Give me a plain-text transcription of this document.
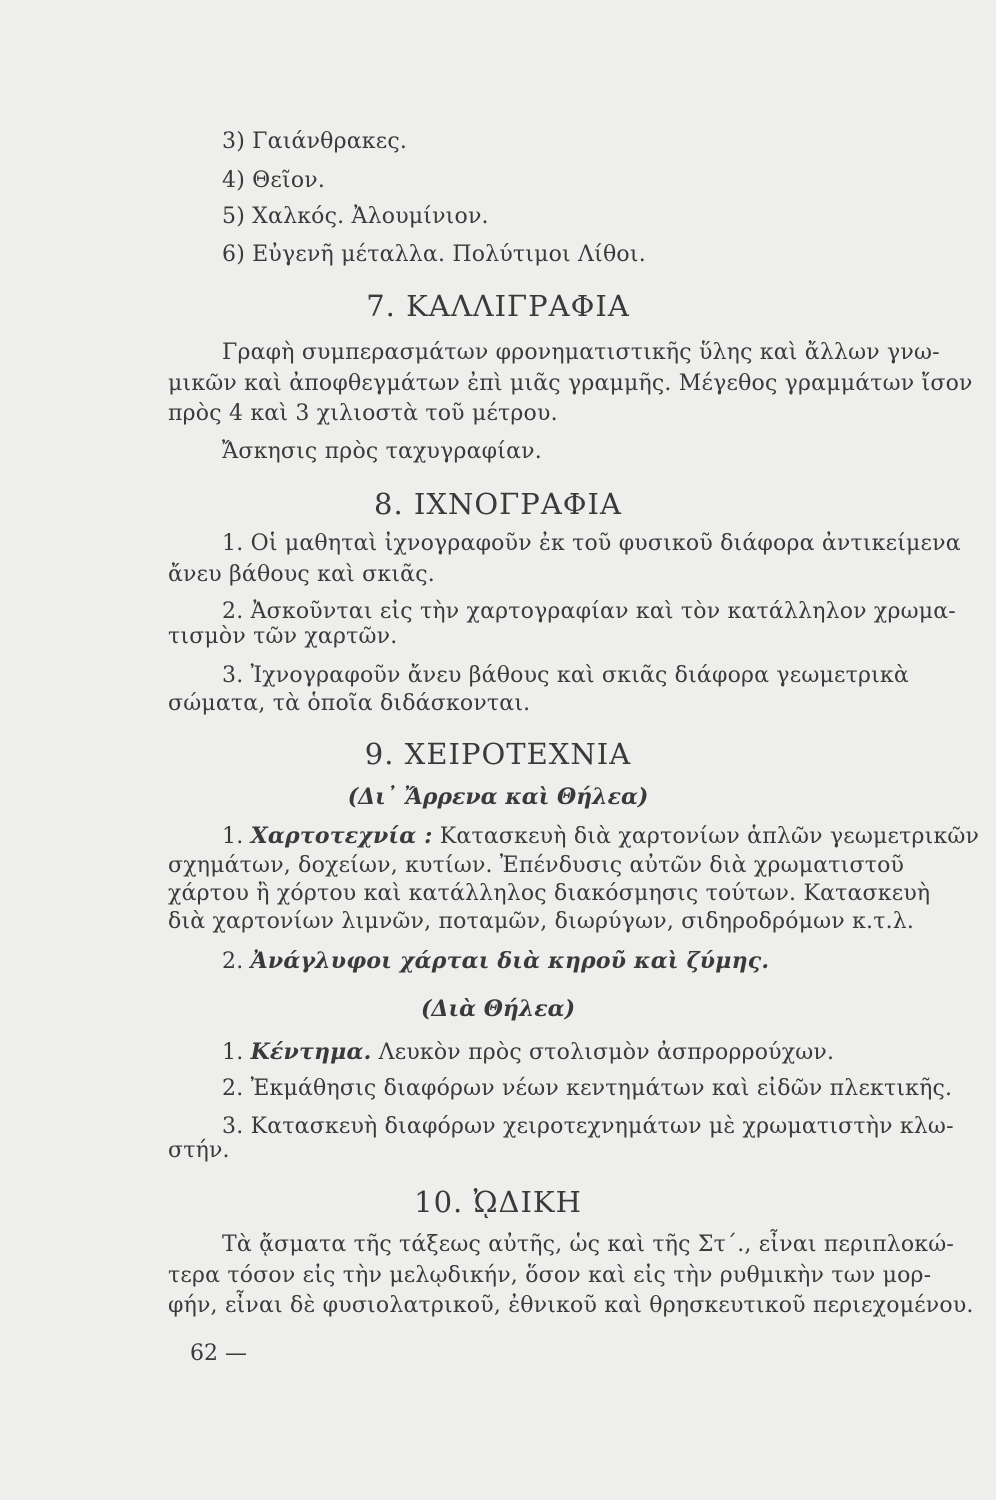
3) Γαιάνθρακες.
4) Θεῖον.
5) Χαλκός. Ἀλουμίνιον.
6) Εὐγενῆ μέταλλα. Πολύτιμοι Λίθοι.
7. ΚΑΛΛΙΓΡΑΦΙΑ
Γραφὴ συμπερασμάτων φρονηματιστικῆς ὕλης καὶ ἄλλων γνω-
μικῶν καὶ ἀποφθεγμάτων ἐπὶ μιᾶς γραμμῆς. Μέγεθος γραμμάτων ἴσον
πρὸς 4 καὶ 3 χιλιοστὰ τοῦ μέτρου.
Ἄσκησις πρὸς ταχυγραφίαν.
8. ΙΧΝΟΓΡΑΦΙΑ
1. Οἱ μαθηταὶ ἰχνογραφοῦν ἐκ τοῦ φυσικοῦ διάφορα ἀντικείμενα
ἄνευ βάθους καὶ σκιᾶς.
2. Ἀσκοῦνται εἰς τὴν χαρτογραφίαν καὶ τὸν κατάλληλον χρωμα-
τισμὸν τῶν χαρτῶν.
3. Ἰχνογραφοῦν ἄνευ βάθους καὶ σκιᾶς διάφορα γεωμετρικὰ
σώματα, τὰ ὁποῖα διδάσκονται.
9. ΧΕΙΡΟΤΕΧΝΙΑ
(Δι᾿ Ἄρρενα καὶ Θήλεα)
1. Χαρτοτεχνία : Κατασκευὴ διὰ χαρτονίων ἁπλῶν γεωμετρικῶν
σχημάτων, δοχείων, κυτίων. Ἐπένδυσις αὐτῶν διὰ χρωματιστοῦ
χάρτου ἢ χόρτου καὶ κατάλληλος διακόσμησις τούτων. Κατασκευὴ
διὰ χαρτονίων λιμνῶν, ποταμῶν, διωρύγων, σιδηροδρόμων κ.τ.λ.
2. Ἀνάγλυφοι χάρται διὰ κηροῦ καὶ ζύμης.
(Διὰ Θήλεα)
1. Κέντημα. Λευκὸν πρὸς στολισμὸν ἀσπρορρούχων.
2. Ἐκμάθησις διαφόρων νέων κεντημάτων καὶ εἰδῶν πλεκτικῆς.
3. Κατασκευὴ διαφόρων χειροτεχνημάτων μὲ χρωματιστὴν κλω-
στήν.
10. ᾨΔΙΚΗ
Τὰ ᾄσματα τῆς τάξεως αὐτῆς, ὡς καὶ τῆς Στ΄., εἶναι περιπλοκώ-
τερα τόσον εἰς τὴν μελῳδικήν, ὅσον καὶ εἰς τὴν ρυθμικὴν των μορ-
φήν, εἶναι δὲ φυσιολατρικοῦ, ἐθνικοῦ καὶ θρησκευτικοῦ περιεχομένου.
62 —
